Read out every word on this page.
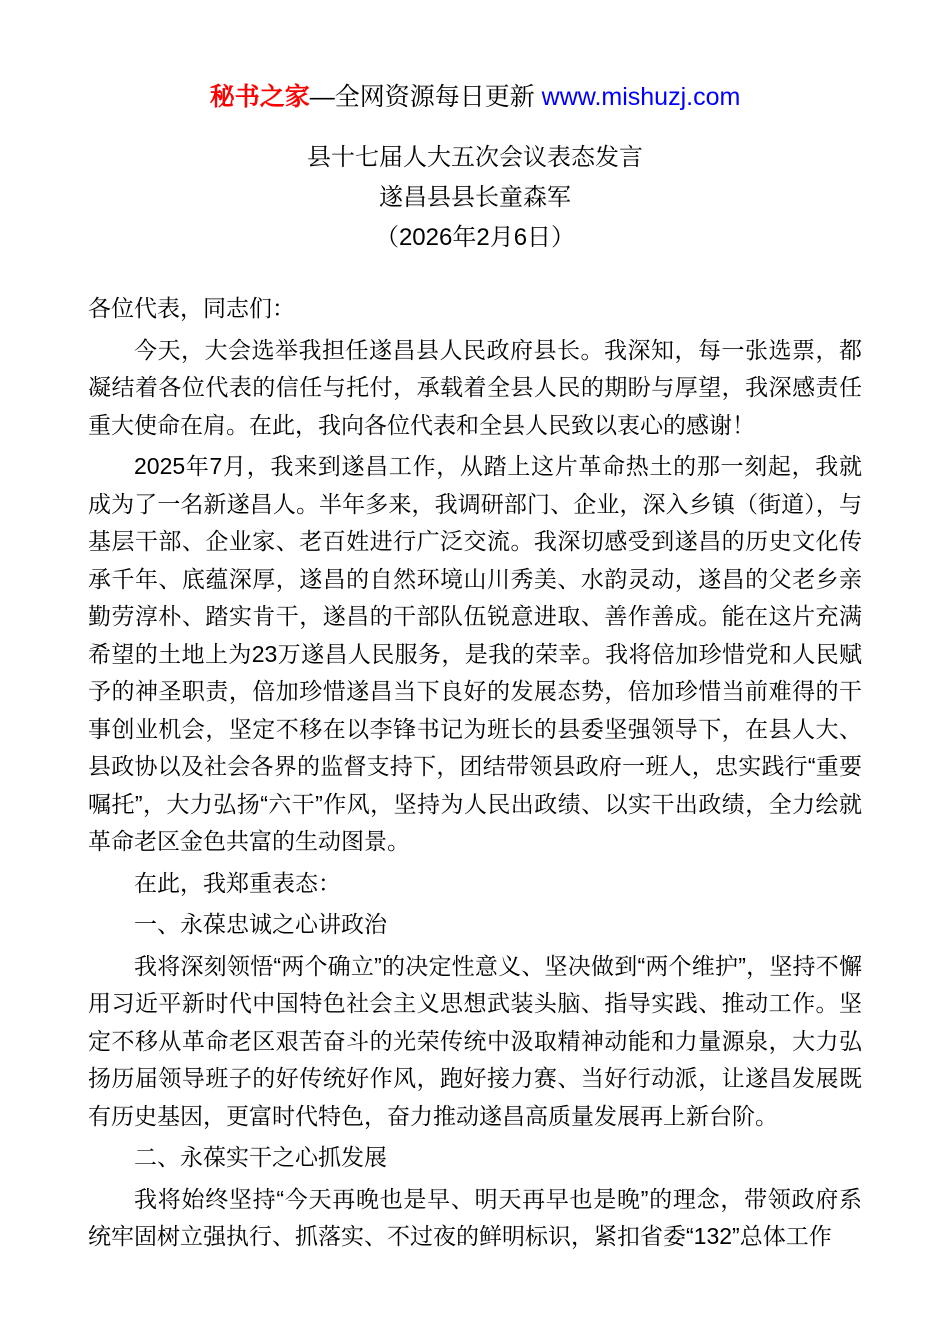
秘书之家—全网资源每日更新 www.mishuzj.com
县十七届人大五次会议表态发言
遂昌县县长童森军
（2026年2月6日）

各位代表，同志们：

今天，大会选举我担任遂昌县人民政府县长。我深知，每一张选票，都凝结着各位代表的信任与托付，承载着全县人民的期盼与厚望，我深感责任重大使命在肩。在此，我向各位代表和全县人民致以衷心的感谢！

2025年7月，我来到遂昌工作，从踏上这片革命热土的那一刻起，我就成为了一名新遂昌人。半年多来，我调研部门、企业，深入乡镇（街道），与基层干部、企业家、老百姓进行广泛交流。我深切感受到遂昌的历史文化传承千年、底蕴深厚，遂昌的自然环境山川秀美、水韵灵动，遂昌的父老乡亲勤劳淳朴、踏实肯干，遂昌的干部队伍锐意进取、善作善成。能在这片充满希望的土地上为23万遂昌人民服务，是我的荣幸。我将倍加珍惜党和人民赋予的神圣职责，倍加珍惜遂昌当下良好的发展态势，倍加珍惜当前难得的干事创业机会，坚定不移在以李锋书记为班长的县委坚强领导下，在县人大、县政协以及社会各界的监督支持下，团结带领县政府一班人，忠实践行“重要嘱托”，大力弘扬“六干”作风，坚持为人民出政绩、以实干出政绩，全力绘就革命老区金色共富的生动图景。

在此，我郑重表态：

一、永葆忠诚之心讲政治

我将深刻领悟“两个确立”的决定性意义、坚决做到“两个维护”，坚持不懈用习近平新时代中国特色社会主义思想武装头脑、指导实践、推动工作。坚定不移从革命老区艰苦奋斗的光荣传统中汲取精神动能和力量源泉，大力弘扬历届领导班子的好传统好作风，跑好接力赛、当好行动派，让遂昌发展既有历史基因，更富时代特色，奋力推动遂昌高质量发展再上新台阶。

二、永葆实干之心抓发展

我将始终坚持“今天再晚也是早、明天再早也是晚”的理念，带领政府系统牢固树立强执行、抓落实、不过夜的鲜明标识，紧扣省委“132”总体工作
